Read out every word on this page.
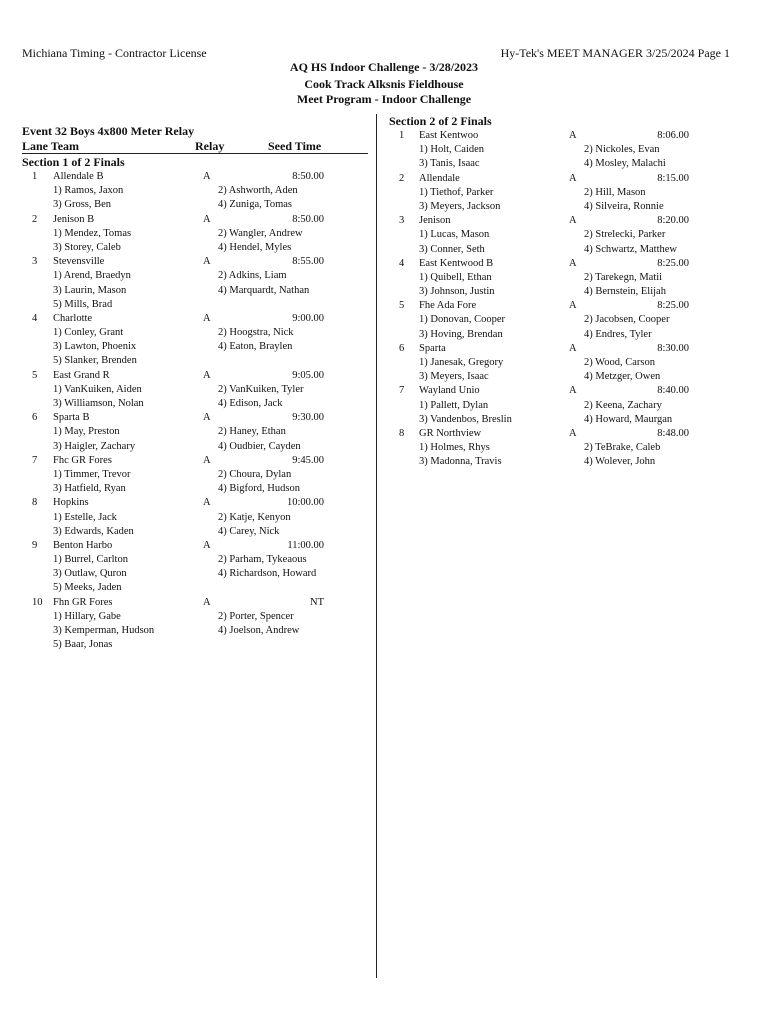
Michiana Timing - Contractor License	Hy-Tek's MEET MANAGER 3/25/2024 Page 1
AQ HS Indoor Challenge - 3/28/2023
Cook Track Alksnis Fieldhouse
Meet Program - Indoor Challenge
Event 32 Boys 4x800 Meter Relay
Lane Team	Relay	Seed Time
Section 1 of 2 Finals
1 Allendale B	A	8:50.00
1) Ramos, Jaxon	2) Ashworth, Aden
3) Gross, Ben	4) Zuniga, Tomas
2 Jenison B	A	8:50.00
1) Mendez, Tomas	2) Wangler, Andrew
3) Storey, Caleb	4) Hendel, Myles
3 Stevensville	A	8:55.00
1) Arend, Braedyn	2) Adkins, Liam
3) Laurin, Mason	4) Marquardt, Nathan
5) Mills, Brad
4 Charlotte	A	9:00.00
1) Conley, Grant	2) Hoogstra, Nick
3) Lawton, Phoenix	4) Eaton, Braylen
5) Slanker, Brenden
5 East Grand R	A	9:05.00
1) VanKuiken, Aiden	2) VanKuiken, Tyler
3) Williamson, Nolan	4) Edison, Jack
6 Sparta B	A	9:30.00
1) May, Preston	2) Haney, Ethan
3) Haigler, Zachary	4) Oudbier, Cayden
7 Fhc GR Fores	A	9:45.00
1) Timmer, Trevor	2) Choura, Dylan
3) Hatfield, Ryan	4) Bigford, Hudson
8 Hopkins	A	10:00.00
1) Estelle, Jack	2) Katje, Kenyon
3) Edwards, Kaden	4) Carey, Nick
9 Benton Harbo	A	11:00.00
1) Burrel, Carlton	2) Parham, Tykeaous
3) Outlaw, Quron	4) Richardson, Howard
5) Meeks, Jaden
10 Fhn GR Fores	A	NT
1) Hillary, Gabe	2) Porter, Spencer
3) Kemperman, Hudson	4) Joelson, Andrew
5) Baar, Jonas
Section 2 of 2 Finals
1 East Kentwoo	A	8:06.00
1) Holt, Caiden	2) Nickoles, Evan
3) Tanis, Isaac	4) Mosley, Malachi
2 Allendale	A	8:15.00
1) Tiethof, Parker	2) Hill, Mason
3) Meyers, Jackson	4) Silveira, Ronnie
3 Jenison	A	8:20.00
1) Lucas, Mason	2) Strelecki, Parker
3) Conner, Seth	4) Schwartz, Matthew
4 East Kentwood B	A	8:25.00
1) Quibell, Ethan	2) Tarekegn, Matii
3) Johnson, Justin	4) Bernstein, Elijah
5 Fhe Ada Fore	A	8:25.00
1) Donovan, Cooper	2) Jacobsen, Cooper
3) Hoving, Brendan	4) Endres, Tyler
6 Sparta	A	8:30.00
1) Janesak, Gregory	2) Wood, Carson
3) Meyers, Isaac	4) Metzger, Owen
7 Wayland Unio	A	8:40.00
1) Pallett, Dylan	2) Keena, Zachary
3) Vandenbos, Breslin	4) Howard, Maurgan
8 GR Northview	A	8:48.00
1) Holmes, Rhys	2) TeBrake, Caleb
3) Madonna, Travis	4) Wolever, John
